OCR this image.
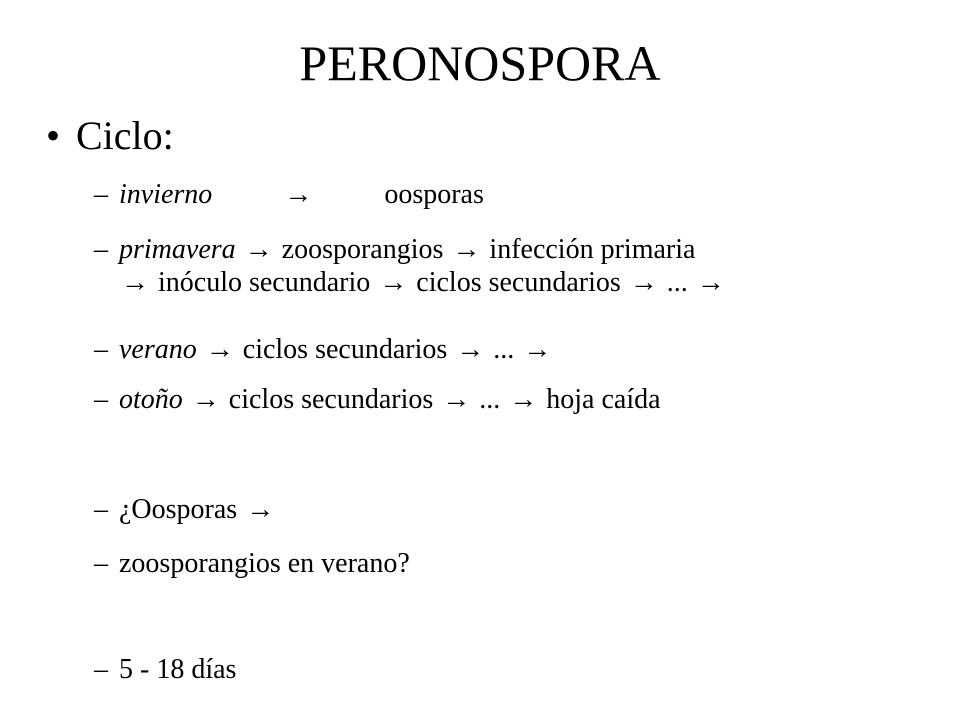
PERONOSPORA
• Ciclo:
– invierno	→	oosporas
– primavera → zoosporangios → infección primaria
→ inóculo secundario → ciclos secundarios → ... →
– verano → ciclos secundarios → ... →
– otoño → ciclos secundarios → ... → hoja caída
– ¿Oosporas →
– zoosporangios en verano?
– 5 - 18 días
